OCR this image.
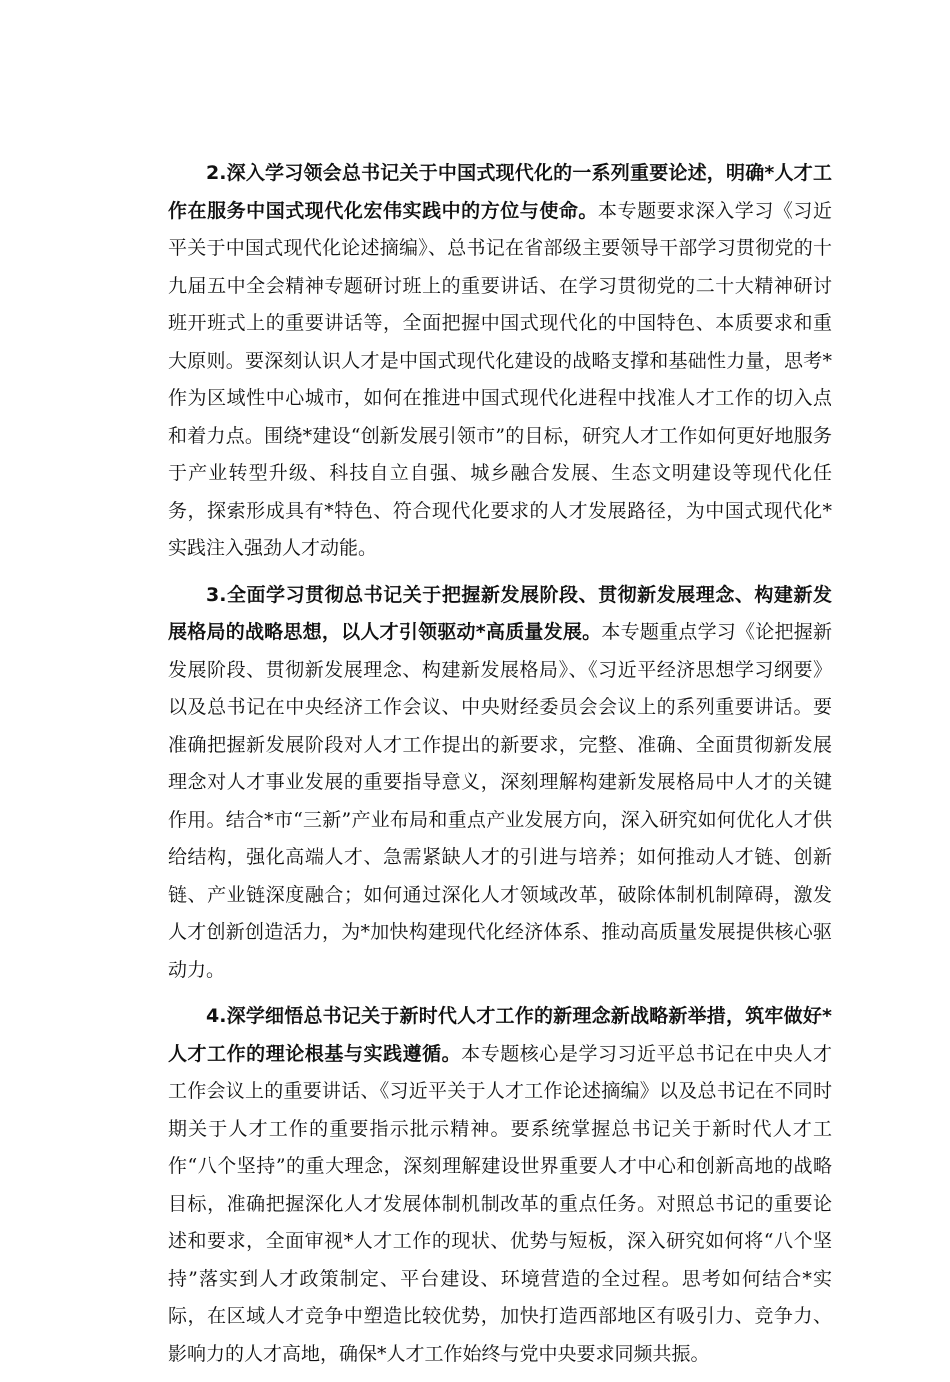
2.深入学习领会总书记关于中国式现代化的一系列重要论述，明确*人才工作在服务中国式现代化宏伟实践中的方位与使命。本专题要求深入学习《习近平关于中国式现代化论述摘编》、总书记在省部级主要领导干部学习贯彻党的十九届五中全会精神专题研讨班上的重要讲话、在学习贯彻党的二十大精神研讨班开班式上的重要讲话等，全面把握中国式现代化的中国特色、本质要求和重大原则。要深刻认识人才是中国式现代化建设的战略支撑和基础性力量，思考*作为区域性中心城市，如何在推进中国式现代化进程中找准人才工作的切入点和着力点。围绕*建设“创新发展引领市”的目标，研究人才工作如何更好地服务于产业转型升级、科技自立自强、城乡融合发展、生态文明建设等现代化任务，探索形成具有*特色、符合现代化要求的人才发展路径，为中国式现代化*实践注入强劲人才动能。

3.全面学习贯彻总书记关于把握新发展阶段、贯彻新发展理念、构建新发展格局的战略思想，以人才引领驱动*高质量发展。本专题重点学习《论把握新发展阶段、贯彻新发展理念、构建新发展格局》、《习近平经济思想学习纲要》以及总书记在中央经济工作会议、中央财经委员会会议上的系列重要讲话。要准确把握新发展阶段对人才工作提出的新要求，完整、准确、全面贯彻新发展理念对人才事业发展的重要指导意义，深刻理解构建新发展格局中人才的关键作用。结合*市“三新”产业布局和重点产业发展方向，深入研究如何优化人才供给结构，强化高端人才、急需紧缺人才的引进与培养；如何推动人才链、创新链、产业链深度融合；如何通过深化人才领域改革，破除体制机制障碍，激发人才创新创造活力，为*加快构建现代化经济体系、推动高质量发展提供核心驱动力。

4.深学细悟总书记关于新时代人才工作的新理念新战略新举措，筑牢做好*人才工作的理论根基与实践遵循。本专题核心是学习习近平总书记在中央人才工作会议上的重要讲话、《习近平关于人才工作论述摘编》以及总书记在不同时期关于人才工作的重要指示批示精神。要系统掌握总书记关于新时代人才工作“八个坚持”的重大理念，深刻理解建设世界重要人才中心和创新高地的战略目标，准确把握深化人才发展体制机制改革的重点任务。对照总书记的重要论述和要求，全面审视*人才工作的现状、优势与短板，深入研究如何将“八个坚持”落实到人才政策制定、平台建设、环境营造的全过程。思考如何结合*实际，在区域人才竞争中塑造比较优势，加快打造西部地区有吸引力、竞争力、影响力的人才高地，确保*人才工作始终与党中央要求同频共振。
